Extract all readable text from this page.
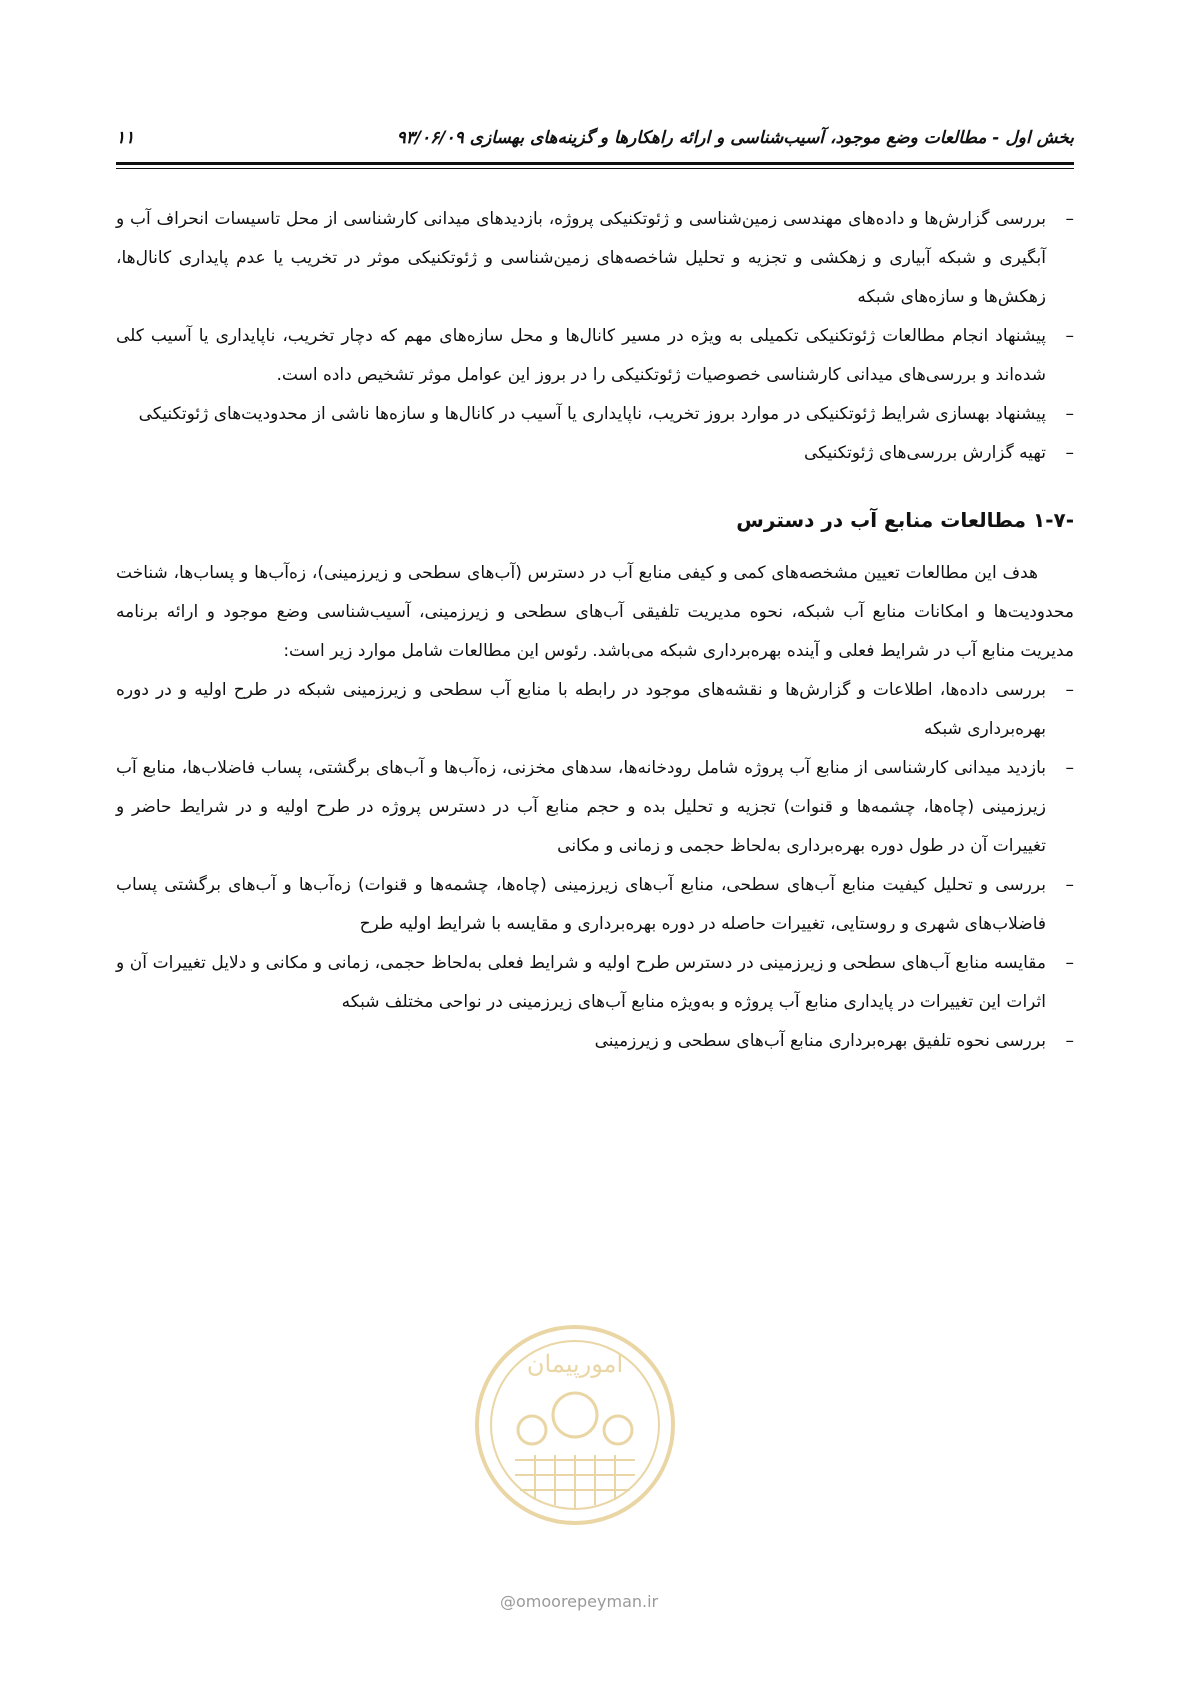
بخش اول - مطالعات وضع موجود، آسیب‌شناسی و ارائه راهکارها و گزینه‌های بهسازی ۹۳/۰۶/۰۹
۱۱
–
بررسی گزارش‌ها و داده‌های مهندسی زمین‌شناسی و ژئوتکنیکی پروژه، بازدیدهای میدانی کارشناسی از محل تاسیسات انحراف آب و آبگیری و شبکه آبیاری و زهکشی و تجزیه و تحلیل شاخصه‌های زمین‌شناسی و ژئوتکنیکی موثر در تخریب یا عدم پایداری کانال‌ها، زهکش‌ها و سازه‌های شبکه
–
پیشنهاد انجام مطالعات ژئوتکنیکی تکمیلی به ویژه در مسیر کانال‌ها و محل سازه‌های مهم که دچار تخریب، ناپایداری یا آسیب کلی شده‌اند و بررسی‌های میدانی کارشناسی خصوصیات ژئوتکنیکی را در بروز این عوامل موثر تشخیص داده است.
–
پیشنهاد بهسازی شرایط ژئوتکنیکی در موارد بروز تخریب، ناپایداری یا آسیب در کانال‌ها و سازه‌ها ناشی از محدودیت‌های ژئوتکنیکی
–
تهیه گزارش بررسی‌های ژئوتکنیکی
۱-۷- مطالعات منابع آب در دسترس

هدف این مطالعات تعیین مشخصه‌های کمی و کیفی منابع آب در دسترس (آب‌های سطحی و زیرزمینی)، زه‌آب‌ها و پساب‌ها، شناخت محدودیت‌ها و امکانات منابع آب شبکه، نحوه مدیریت تلفیقی آب‌های سطحی و زیرزمینی، آسیب‌شناسی وضع موجود و ارائه برنامه مدیریت منابع آب در شرایط فعلی و آینده بهره‌برداری شبکه می‌باشد. رئوس این مطالعات شامل موارد زیر است:

–
بررسی داده‌ها، اطلاعات و گزارش‌ها و نقشه‌های موجود در رابطه با منابع آب سطحی و زیرزمینی شبکه در طرح اولیه و در دوره بهره‌برداری شبکه
–
بازدید میدانی کارشناسی از منابع آب پروژه شامل رودخانه‌ها، سدهای مخزنی، زه‌آب‌ها و آب‌های برگشتی، پساب فاضلاب‌ها، منابع آب زیرزمینی (چاه‌ها، چشمه‌ها و قنوات) تجزیه و تحلیل بده و حجم منابع آب در دسترس پروژه در طرح اولیه و در شرایط حاضر و تغییرات آن در طول دوره بهره‌برداری به‌لحاظ حجمی و زمانی و مکانی
–
بررسی و تحلیل کیفیت منابع آب‌های سطحی، منابع آب‌های زیرزمینی (چاه‌ها، چشمه‌ها و قنوات) زه‌آب‌ها و آب‌های برگشتی پساب فاضلاب‌های شهری و روستایی، تغییرات حاصله در دوره بهره‌برداری و مقایسه با شرایط اولیه طرح
–
مقایسه منابع آب‌های سطحی و زیرزمینی در دسترس طرح اولیه و شرایط فعلی به‌لحاظ حجمی، زمانی و مکانی و دلایل تغییرات آن و اثرات این تغییرات در پایداری منابع آب پروژه و به‌ویژه منابع آب‌های زیرزمینی در نواحی مختلف شبکه
–
بررسی نحوه تلفیق بهره‌برداری منابع آب‌های سطحی و زیرزمینی
امورپیمان
@omoorepeyman.ir
